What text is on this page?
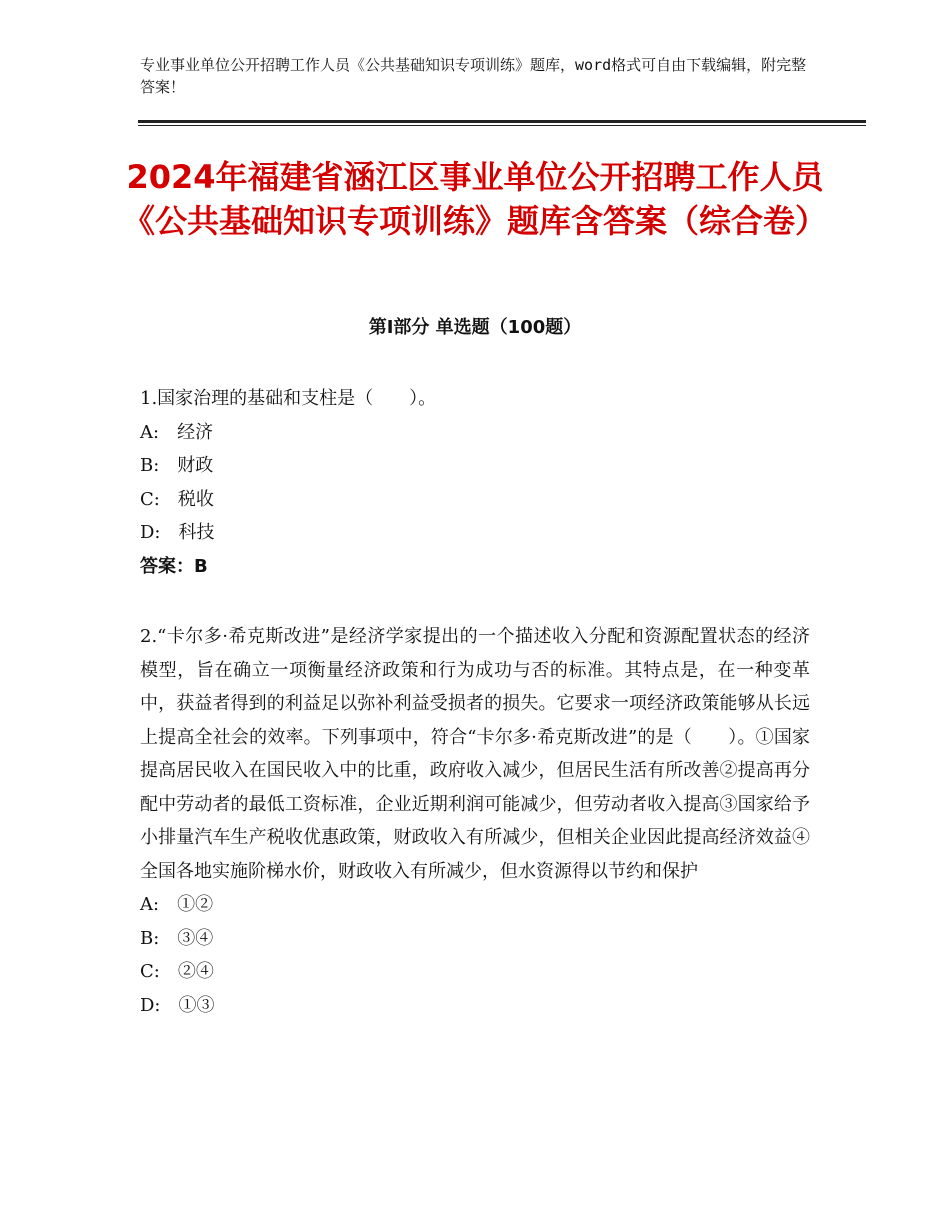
专业事业单位公开招聘工作人员《公共基础知识专项训练》题库，word格式可自由下载编辑，附完整答案！
2024年福建省涵江区事业单位公开招聘工作人员《公共基础知识专项训练》题库含答案（综合卷）
第Ⅰ部分 单选题（100题）

1.国家治理的基础和支柱是（　　）。

A:　经济

B:　财政

C:　税收

D:　科技

答案：B

2.“卡尔多·希克斯改进”是经济学家提出的一个描述收入分配和资源配置状态的经济模型，旨在确立一项衡量经济政策和行为成功与否的标准。其特点是，在一种变革中，获益者得到的利益足以弥补利益受损者的损失。它要求一项经济政策能够从长远上提高全社会的效率。下列事项中，符合“卡尔多·希克斯改进”的是（　　）。①国家提高居民收入在国民收入中的比重，政府收入减少，但居民生活有所改善②提高再分配中劳动者的最低工资标准，企业近期利润可能减少，但劳动者收入提高③国家给予小排量汽车生产税收优惠政策，财政收入有所减少，但相关企业因此提高经济效益④全国各地实施阶梯水价，财政收入有所减少，但水资源得以节约和保护

A:　①②

B:　③④

C:　②④

D:　①③
